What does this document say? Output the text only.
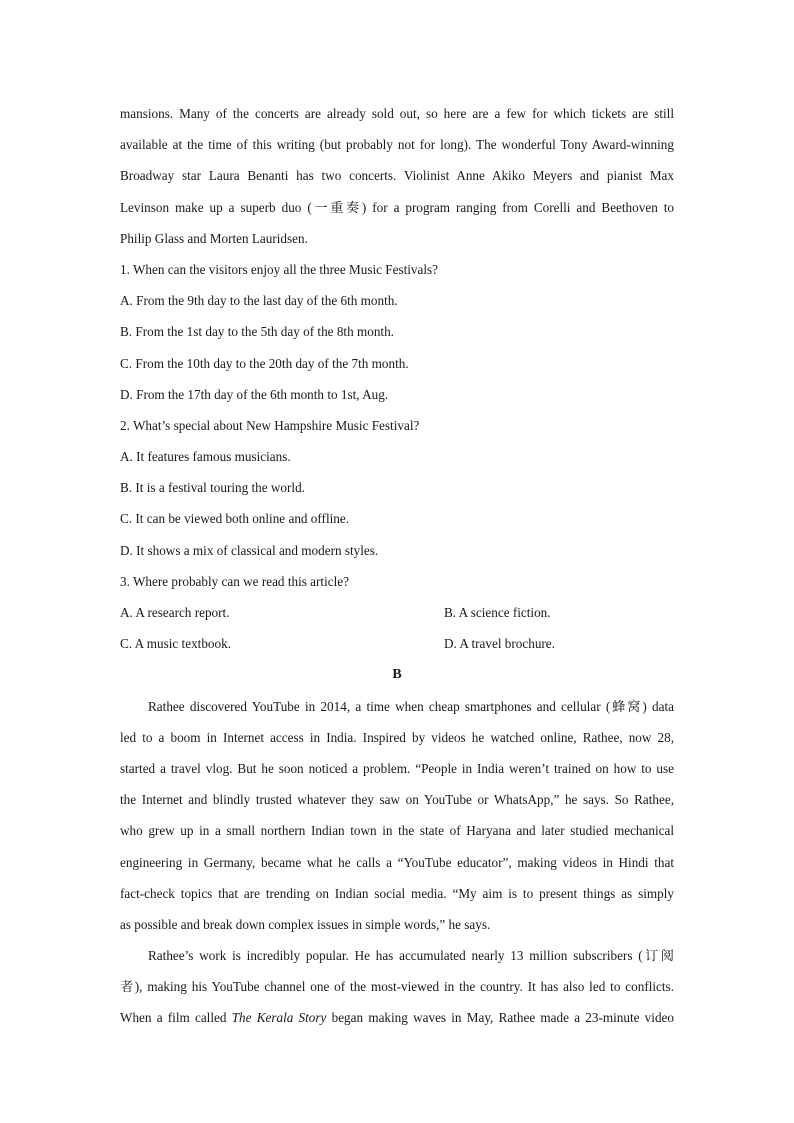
mansions. Many of the concerts are already sold out, so here are a few for which tickets are still
available at the time of this writing (but probably not for long). The wonderful Tony Award-winning
Broadway star Laura Benanti has two concerts. Violinist Anne Akiko Meyers and pianist Max
Levinson make up a superb duo (一重奏) for a program ranging from Corelli and Beethoven to
Philip Glass and Morten Lauridsen.
1. When can the visitors enjoy all the three Music Festivals?
A. From the 9th day to the last day of the 6th month.
B. From the 1st day to the 5th day of the 8th month.
C. From the 10th day to the 20th day of the 7th month.
D. From the 17th day of the 6th month to 1st, Aug.
2. What’s special about New Hampshire Music Festival?
A. It features famous musicians.
B. It is a festival touring the world.
C. It can be viewed both online and offline.
D. It shows a mix of classical and modern styles.
3. Where probably can we read this article?
A. A research report.	B. A science fiction.
C. A music textbook.	D. A travel brochure.
B
Rathee discovered YouTube in 2014, a time when cheap smartphones and cellular (蜂窝) data
led to a boom in Internet access in India. Inspired by videos he watched online, Rathee, now 28,
started a travel vlog. But he soon noticed a problem. “People in India weren’t trained on how to use
the Internet and blindly trusted whatever they saw on YouTube or WhatsApp,” he says. So Rathee,
who grew up in a small northern Indian town in the state of Haryana and later studied mechanical
engineering in Germany, became what he calls a “YouTube educator”, making videos in Hindi that
fact-check topics that are trending on Indian social media. “My aim is to present things as simply
as possible and break down complex issues in simple words,” he says.
Rathee’s work is incredibly popular. He has accumulated nearly 13 million subscribers (订阅
者), making his YouTube channel one of the most-viewed in the country. It has also led to conflicts.
When a film called The Kerala Story began making waves in May, Rathee made a 23-minute video
